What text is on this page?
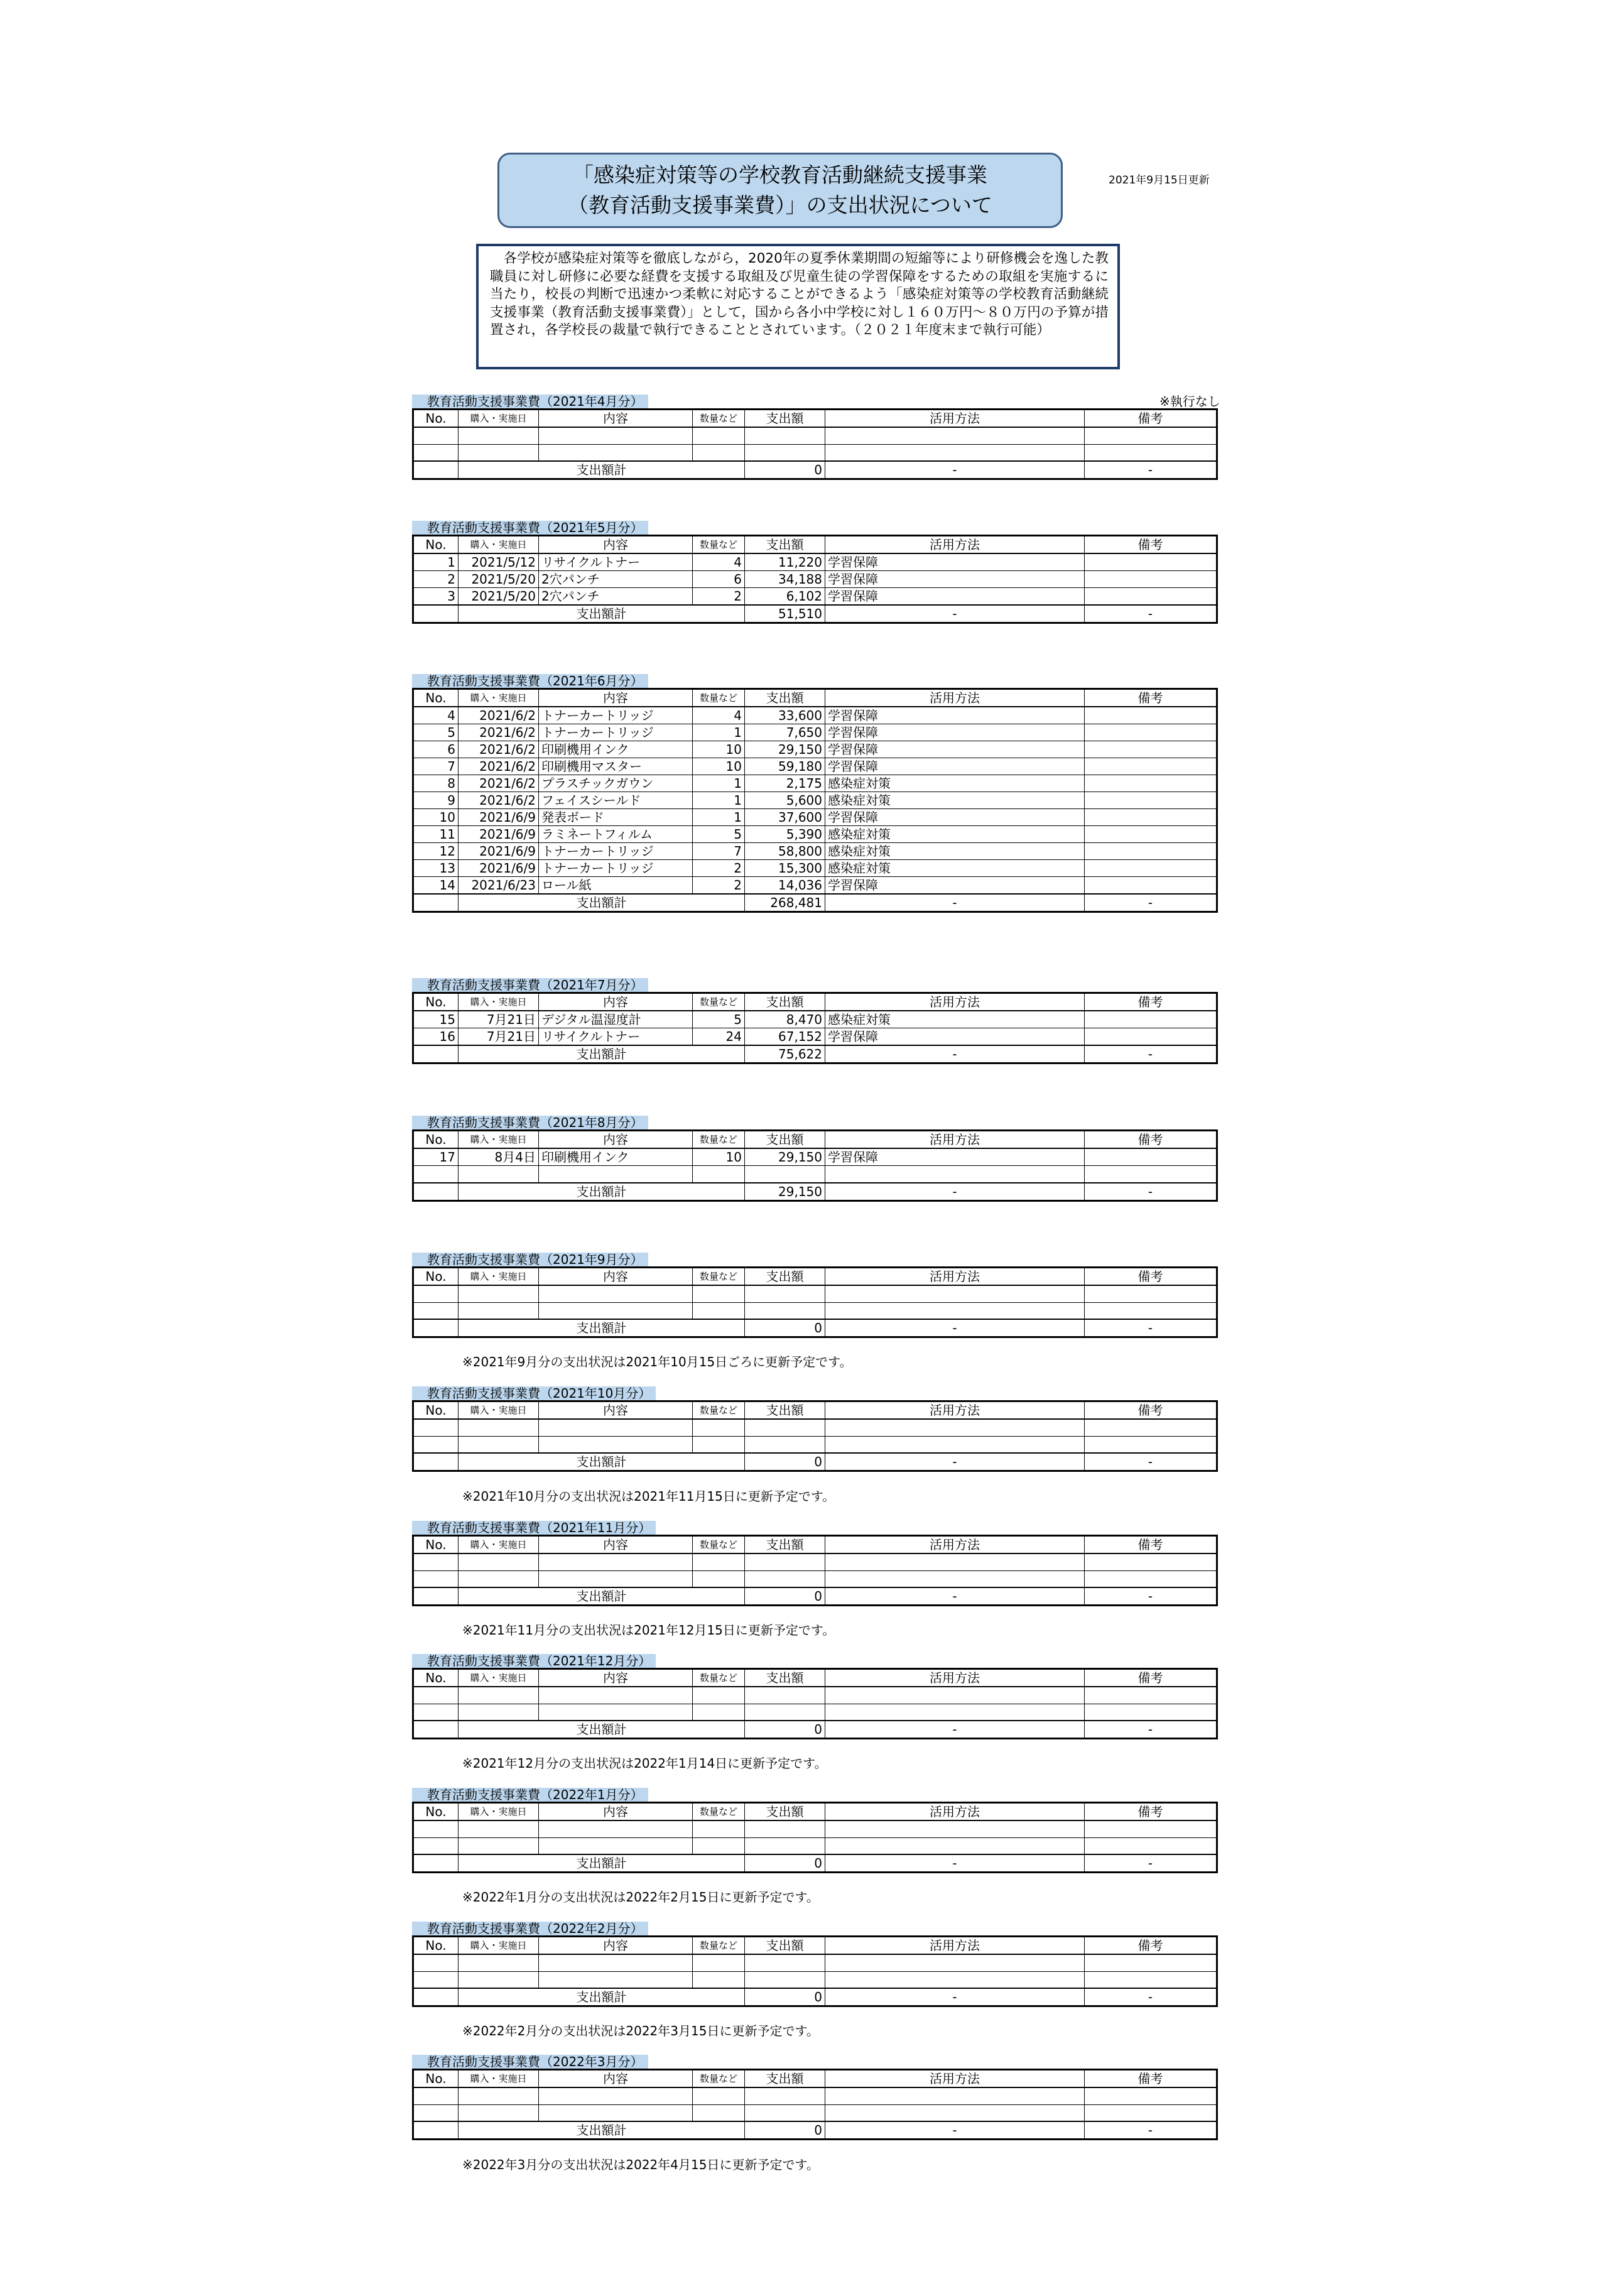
「感染症対策等の学校教育活動継続支援事業
（教育活動支援事業費）」の支出状況について
2021年9月15日更新
　各学校が感染症対策等を徹底しながら，2020年の夏季休業期間の短縮等により研修機会を逸した教職員に対し研修に必要な経費を支援する取組及び児童生徒の学習保障をするための取組を実施するに当たり，校長の判断で迅速かつ柔軟に対応することができるよう「感染症対策等の学校教育活動継続支援事業（教育活動支援事業費）」として，国から各小中学校に対し１６０万円～８０万円の予算が措置され，各学校長の裁量で執行できることとされています。（２０２１年度末まで執行可能）
教育活動支援事業費（2021年4月分）	※執行なし
No.	購入・実施日	内容	数量など	支出額	活用方法	備考

	支出額計			0	-	-
教育活動支援事業費（2021年5月分）
No.	購入・実施日	内容	数量など	支出額	活用方法	備考
1	2021/5/12	リサイクルトナー	4	11,220	学習保障	
2	2021/5/20	2穴パンチ	6	34,188	学習保障	
3	2021/5/20	2穴パンチ	2	6,102	学習保障	
	支出額計			51,510	-	-
教育活動支援事業費（2021年6月分）
No.	購入・実施日	内容	数量など	支出額	活用方法	備考
4	2021/6/2	トナーカートリッジ	4	33,600	学習保障	
5	2021/6/2	トナーカートリッジ	1	7,650	学習保障	
6	2021/6/2	印刷機用インク	10	29,150	学習保障	
7	2021/6/2	印刷機用マスター	10	59,180	学習保障	
8	2021/6/2	プラスチックガウン	1	2,175	感染症対策	
9	2021/6/2	フェイスシールド	1	5,600	感染症対策	
10	2021/6/9	発表ボード	1	37,600	学習保障	
11	2021/6/9	ラミネートフィルム	5	5,390	感染症対策	
12	2021/6/9	トナーカートリッジ	7	58,800	感染症対策	
13	2021/6/9	トナーカートリッジ	2	15,300	感染症対策	
14	2021/6/23	ロール紙	2	14,036	学習保障	
	支出額計			268,481	-	-
教育活動支援事業費（2021年7月分）
No.	購入・実施日	内容	数量など	支出額	活用方法	備考
15	7月21日	デジタル温湿度計	5	8,470	感染症対策	
16	7月21日	リサイクルトナー	24	67,152	学習保障	
	支出額計			75,622	-	-
教育活動支援事業費（2021年8月分）
No.	購入・実施日	内容	数量など	支出額	活用方法	備考
17	8月4日	印刷機用インク	10	29,150	学習保障	

	支出額計			29,150	-	-
教育活動支援事業費（2021年9月分）
No.	購入・実施日	内容	数量など	支出額	活用方法	備考

	支出額計			0	-	-
※2021年9月分の支出状況は2021年10月15日ごろに更新予定です。
教育活動支援事業費（2021年10月分）
No.	購入・実施日	内容	数量など	支出額	活用方法	備考

	支出額計			0	-	-
※2021年10月分の支出状況は2021年11月15日に更新予定です。
教育活動支援事業費（2021年11月分）
No.	購入・実施日	内容	数量など	支出額	活用方法	備考

	支出額計			0	-	-
※2021年11月分の支出状況は2021年12月15日に更新予定です。
教育活動支援事業費（2021年12月分）
No.	購入・実施日	内容	数量など	支出額	活用方法	備考

	支出額計			0	-	-
※2021年12月分の支出状況は2022年1月14日に更新予定です。
教育活動支援事業費（2022年1月分）
No.	購入・実施日	内容	数量など	支出額	活用方法	備考

	支出額計			0	-	-
※2022年1月分の支出状況は2022年2月15日に更新予定です。
教育活動支援事業費（2022年2月分）
No.	購入・実施日	内容	数量など	支出額	活用方法	備考

	支出額計			0	-	-
※2022年2月分の支出状況は2022年3月15日に更新予定です。
教育活動支援事業費（2022年3月分）
No.	購入・実施日	内容	数量など	支出額	活用方法	備考

	支出額計			0	-	-
※2022年3月分の支出状況は2022年4月15日に更新予定です。
